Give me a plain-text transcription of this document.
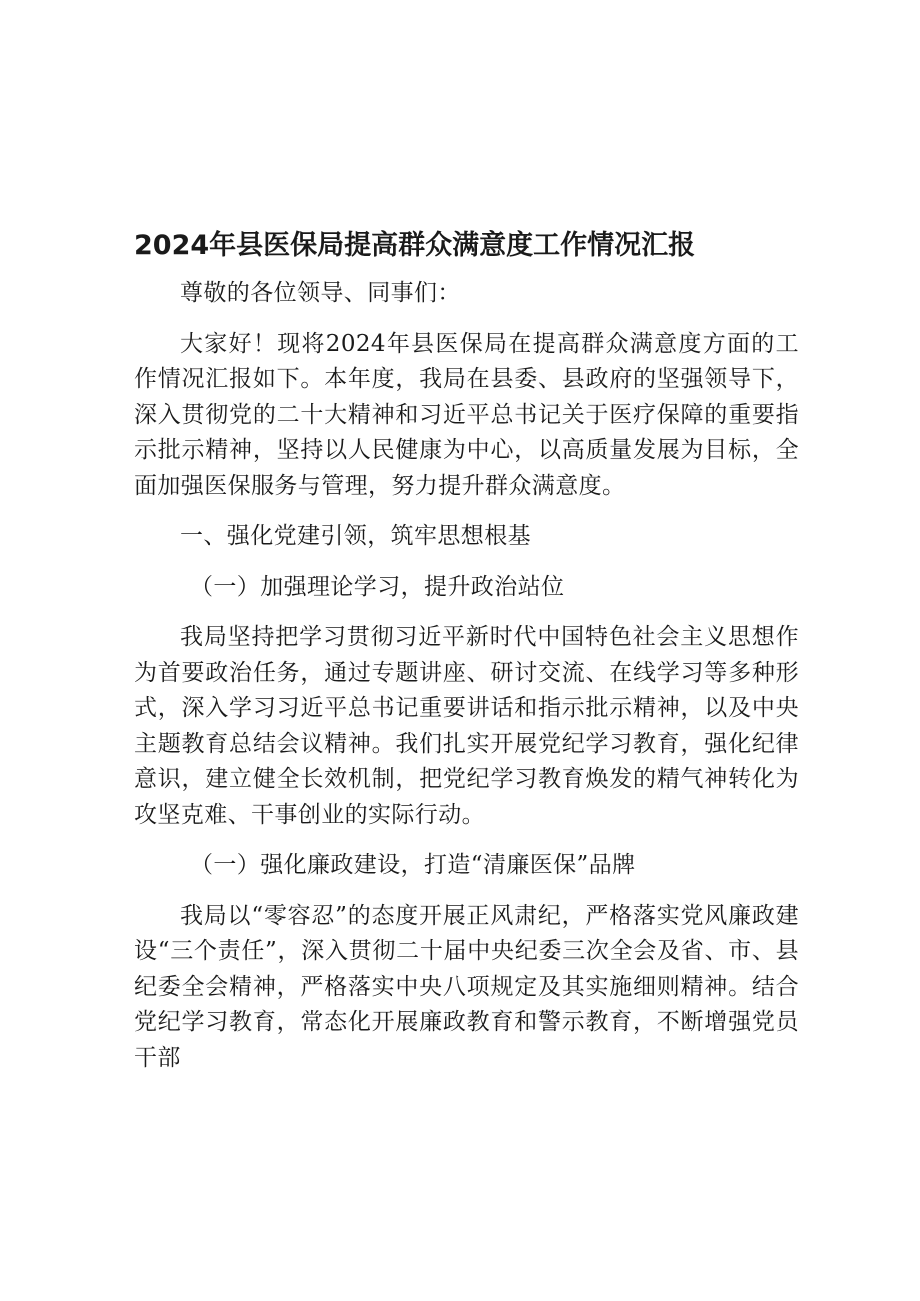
2024年县医保局提高群众满意度工作情况汇报

尊敬的各位领导、同事们：

大家好！现将2024年县医保局在提高群众满意度方面的工作情况汇报如下。本年度，我局在县委、县政府的坚强领导下，深入贯彻党的二十大精神和习近平总书记关于医疗保障的重要指示批示精神，坚持以人民健康为中心，以高质量发展为目标，全面加强医保服务与管理，努力提升群众满意度。

一、强化党建引领，筑牢思想根基

（一）加强理论学习，提升政治站位

我局坚持把学习贯彻习近平新时代中国特色社会主义思想作为首要政治任务，通过专题讲座、研讨交流、在线学习等多种形式，深入学习习近平总书记重要讲话和指示批示精神，以及中央主题教育总结会议精神。我们扎实开展党纪学习教育，强化纪律意识，建立健全长效机制，把党纪学习教育焕发的精气神转化为攻坚克难、干事创业的实际行动。

（一）强化廉政建设，打造“清廉医保”品牌

我局以“零容忍”的态度开展正风肃纪，严格落实党风廉政建设“三个责任”，深入贯彻二十届中央纪委三次全会及省、市、县纪委全会精神，严格落实中央八项规定及其实施细则精神。结合党纪学习教育，常态化开展廉政教育和警示教育，不断增强党员干部
